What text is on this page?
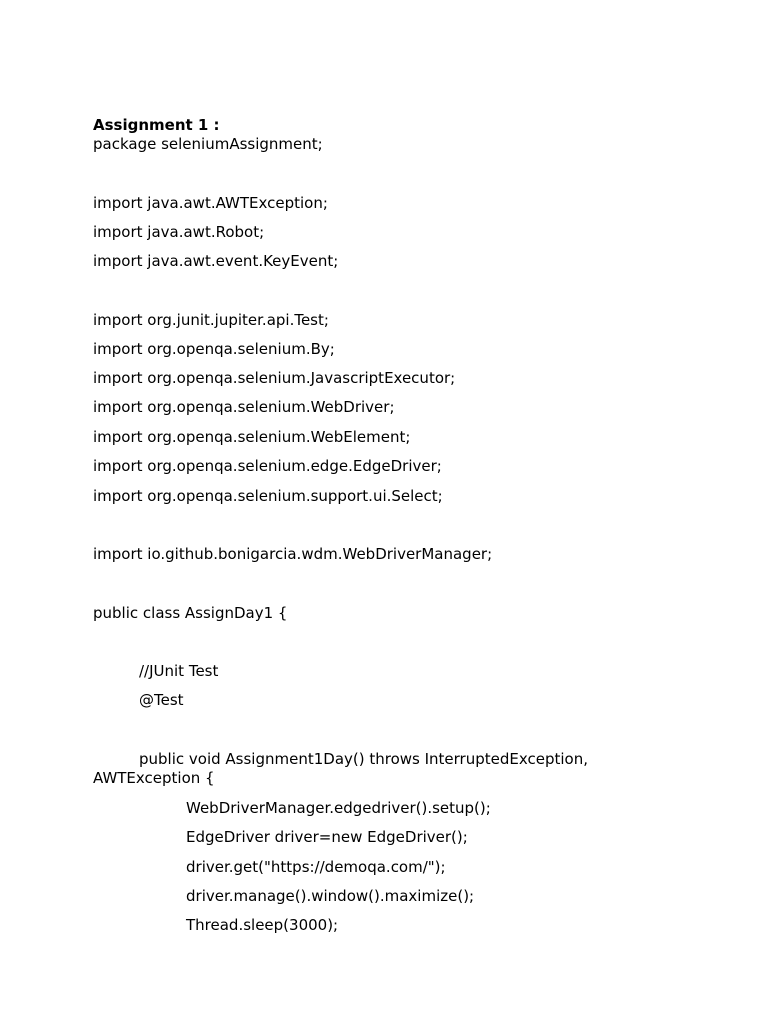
Assignment 1 :
package seleniumAssignment;
import java.awt.AWTException;
import java.awt.Robot;
import java.awt.event.KeyEvent;
import org.junit.jupiter.api.Test;
import org.openqa.selenium.By;
import org.openqa.selenium.JavascriptExecutor;
import org.openqa.selenium.WebDriver;
import org.openqa.selenium.WebElement;
import org.openqa.selenium.edge.EdgeDriver;
import org.openqa.selenium.support.ui.Select;
import io.github.bonigarcia.wdm.WebDriverManager;
public class AssignDay1 {
//JUnit Test
@Test
public void Assignment1Day() throws InterruptedException,
AWTException {
WebDriverManager.edgedriver().setup();
EdgeDriver driver=new EdgeDriver();
driver.get("https://demoqa.com/");
driver.manage().window().maximize();
Thread.sleep(3000);
